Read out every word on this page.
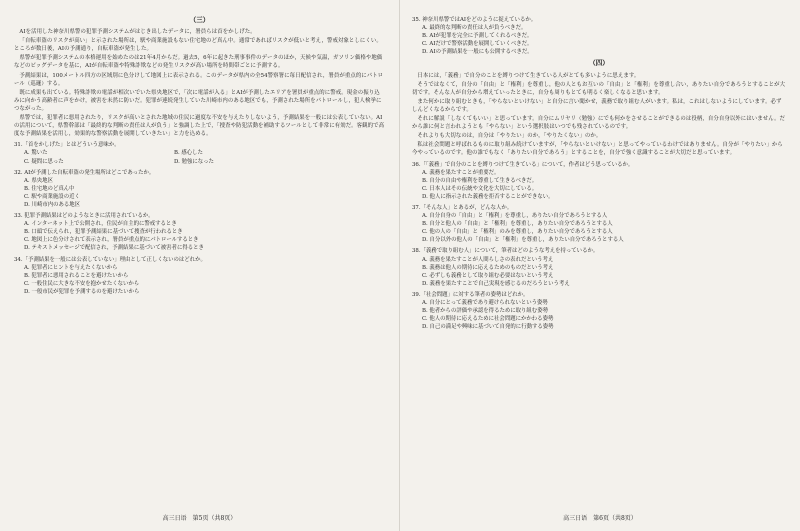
（三）

AIを活用した神奈川県警の犯罪予測システムがはじき出したデータに，署員らは首をかしげた。

「自転車盗のリスクが高い」と示された場所は，駅や商業施設もない住宅地のど真ん中。通常であればリスクが低いと考え，警戒対象としにくい。ところが数日後，AIの予測通り，自転車盗が発生した。

県警が犯罪予測システムの本格運用を始めたのは21年4月からだ。過去5，6年に起きた刑事事件のデータのほか，天候や気温，ガソリン価格や地価などのビッグデータを基に，AIが自転車盗や特殊詐欺などの発生リスクが高い場所を時間帯ごとに予測する。

予測結果は，100メートル四方の区域別に色分けして地図上に表示される。このデータが県内の全54警察署に毎日配信され，署員が重点的にパトロール（巡邏）する。

既に成果も出ている。特殊詐欺の電話が相次いでいた県央地区で，「次に電話が入る」とAIが予測したエリアを署員が重点的に警戒。現金の振り込みに向かう高齢者に声をかけ，被害を未然に防いだ。犯罪が連続発生していた川崎市内のある地区でも，予測された場所をパトロールし，犯人検挙につながった。

県警では，犯罪者に悪用されたり，リスクが高いとされた地域の住民に過度な不安を与えたりしないよう，予測結果を一般には公表していない。AIの活用について，県警幹部は「最終的な判断の責任は人が負う」と強調した上で，「捜査や防犯活動を補助するツールとして非常に有効だ。客観的で高度な予測結果を活用し，効果的な警察活動を展開していきたい」と力を込める。

31.「首をかしげた」とはどういう意味か。
A. 驚いた	B. 感心した
C. 疑問に思った	D. 勉強になった
32. AIが予測した自転車盗の発生場所はどこであったか。
A. 県央地区
B. 住宅地のど真ん中
C. 駅や商業施設の近く
D. 川崎市内のある地区
33. 犯罪予測結果はどのようなときに活用されているか。
A. インターネット上で公開され，住民が自主的に警戒するとき
B. 口頭で伝えられ，犯罪予測結果に基づいて捜査が行われるとき
C. 地図上に色分けされて表示され，署員が重点的にパトロールするとき
D. テキストメッセージで配信され，予測結果に基づいて被害者に得るとき
34.「予測結果を一般には公表していない」理由として正しくないのはどれか。
A. 犯罪者にヒントを与えたくないから
B. 犯罪者に悪用されることを避けたいから
C. 一般住民に大きな不安を抱かせたくないから
D. 一般市民が犯罪を予測するのを避けたいから
高三日语　第5页（共8页）
35. 神奈川県警ではAIをどのように捉えているか。
A. 最終的な判断の責任は人が負うべきだ。
B. AIが犯罪を完全に予測してくれるべきだ。
C. AIだけで警察活動を展開していくべきだ。
D. AIの予測結果を一般にも公開するべきだ。
（四）

日本には，「義務」で自分のことを縛りつけて生きている人がとても多いように思えます。

そうではなくて，自分の「自由」と「権利」を尊重し，他の人ともお互いの「自由」と「権利」を尊重し合い，ありたい自分であろうとすることが大切です。そんな人が自分から増えていったときに，自分も周りもとても明るく楽しくなると思います。

また何かに取り組むときも，「やらないといけない」と自分に言い聞かせ，義務で取り組む人がいます。私は，これはしないようにしています。必ずしんどくなるからです。

それに解説「しなくてもいい」と思っています。自分にムリヤリ（勉強）にでも何かをさせることができるのは役柄，自分自身以外にはいません。だから誰に何と言われようとも「やらない」という選択肢はいつでも残されているのです。

それよりも大切なのは，自分は「やりたい」のか，「やりたくない」のか。

私は社会問題と呼ばれるものに取り組み続けていますが，「やらないといけない」と思ってやっているわけではありません。自分が「やりたい」から今やっているのです。他の誰でもなく「ありたい自分であろう」とすることを，自分で強く意識することが大切だと思っています。

36.「「義務」で自分のことを縛りつけて生きている」について，作者はどう思っているか。
A. 義務を果たすことが重要だ。
B. 自分の自由や権利を尊重して生きるべきだ。
C. 日本人はその伝統や文化を大切にしている。
D. 他人に指示された義務を拒否することができない。
37.「そんな人」とあるが，どんな人か。
A. 自分自身の「自由」と「権利」を尊重し，ありたい自分であろうとする人
B. 自分と他人の「自由」と「権利」を尊重し，ありたい自分であろうとする人
C. 他の人の「自由」と「権利」のみを尊重し，ありたい自分であろうとする人
D. 自分以外の他人の「自由」と「権利」を尊重し，ありたい自分であろうとする人
38.「義務で取り組む人」について，筆者はどのような考えを持っているか。
A. 義務を果たすことが人間らしさの表れだという考え
B. 義務は他人の期待に応えるためのものだという考え
C. 必ずしも義務として取り組む必要はないという考え
D. 義務を果たすことで自己実現を感じるのだろうという考え
39.「社会問題」に対する筆者の姿勢はどれか。
A. 自分にとって義務であり避けられないという姿勢
B. 他者からの評価や承認を得るために取り組む姿勢
C. 他人の期待に応えるために社会問題にかかわる姿勢
D. 自己の満足や興味に基づいて自発的に行動する姿勢
高三日语　第6页（共8页）
